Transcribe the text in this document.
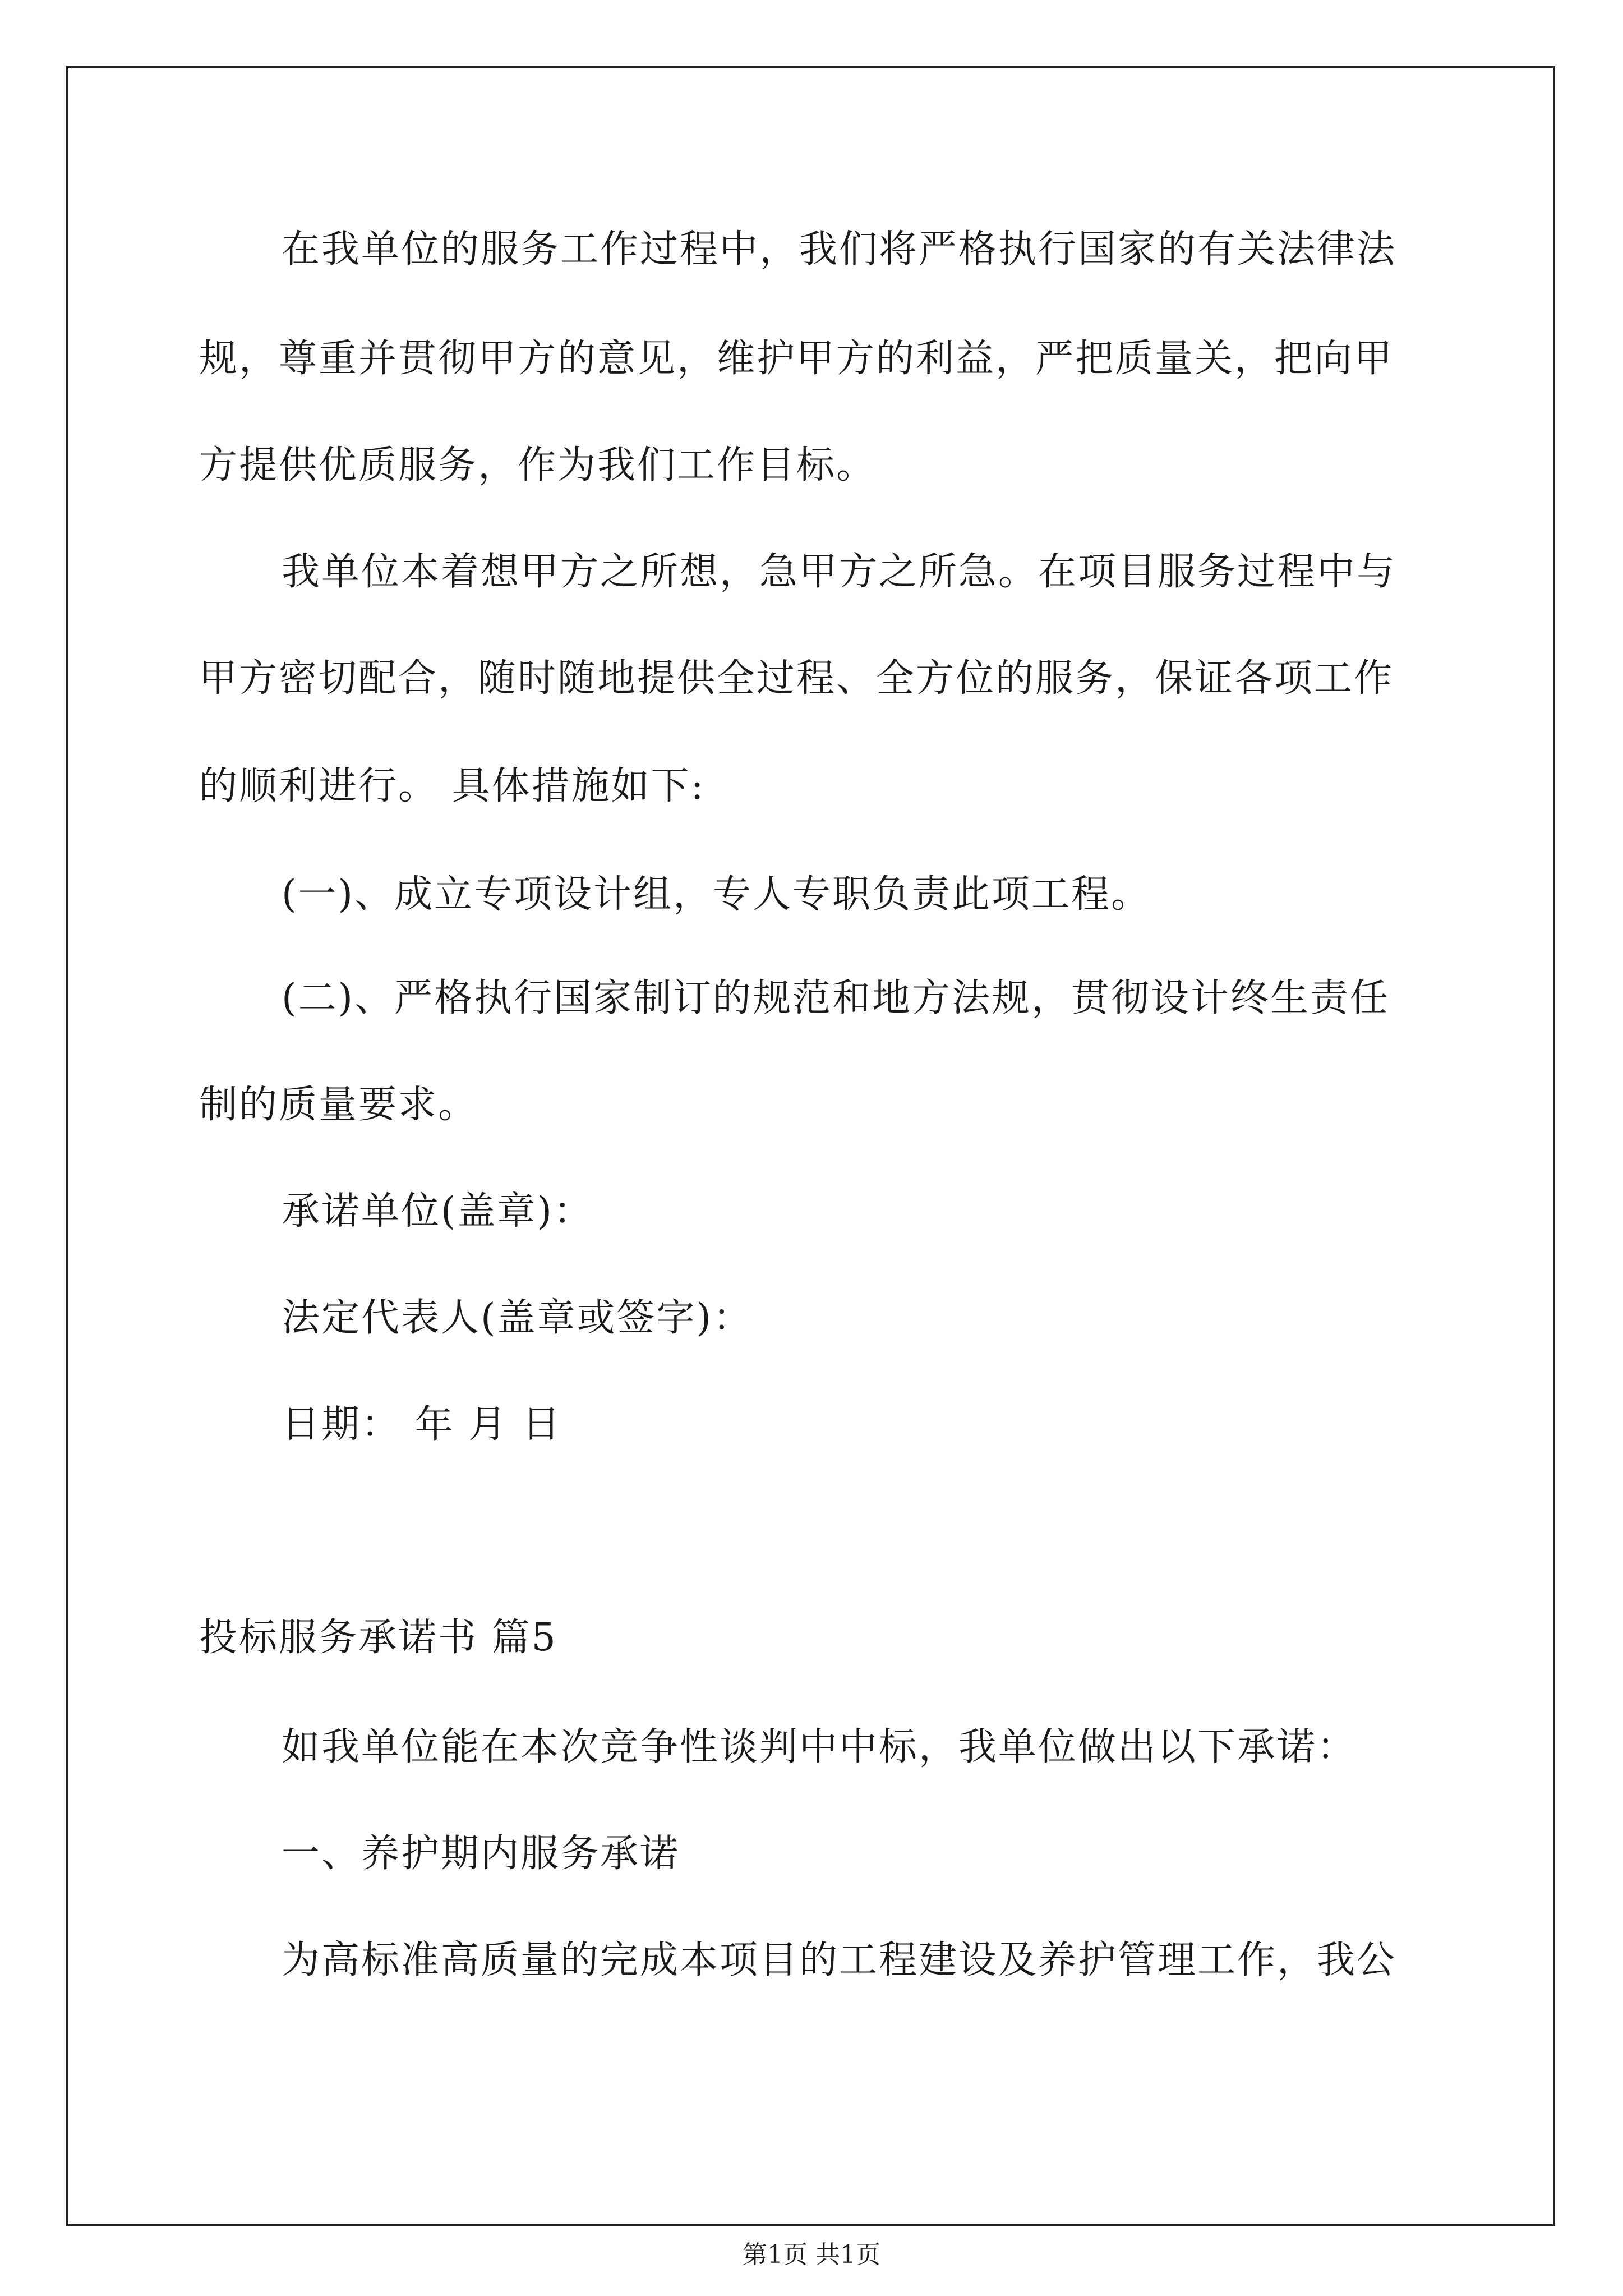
在我单位的服务工作过程中，我们将严格执行国家的有关法律法
规，尊重并贯彻甲方的意见，维护甲方的利益，严把质量关，把向甲
方提供优质服务，作为我们工作目标。
我单位本着想甲方之所想，急甲方之所急。在项目服务过程中与
甲方密切配合，随时随地提供全过程、全方位的服务，保证各项工作
的顺利进行。 具体措施如下:
(一)、成立专项设计组，专人专职负责此项工程。
(二)、严格执行国家制订的规范和地方法规，贯彻设计终生责任
制的质量要求。
承诺单位(盖章)：
法定代表人(盖章或签字)：
日期： 年 月 日
投标服务承诺书 篇5
如我单位能在本次竞争性谈判中中标，我单位做出以下承诺：
一、养护期内服务承诺
为高标准高质量的完成本项目的工程建设及养护管理工作，我公
第1页 共1页
